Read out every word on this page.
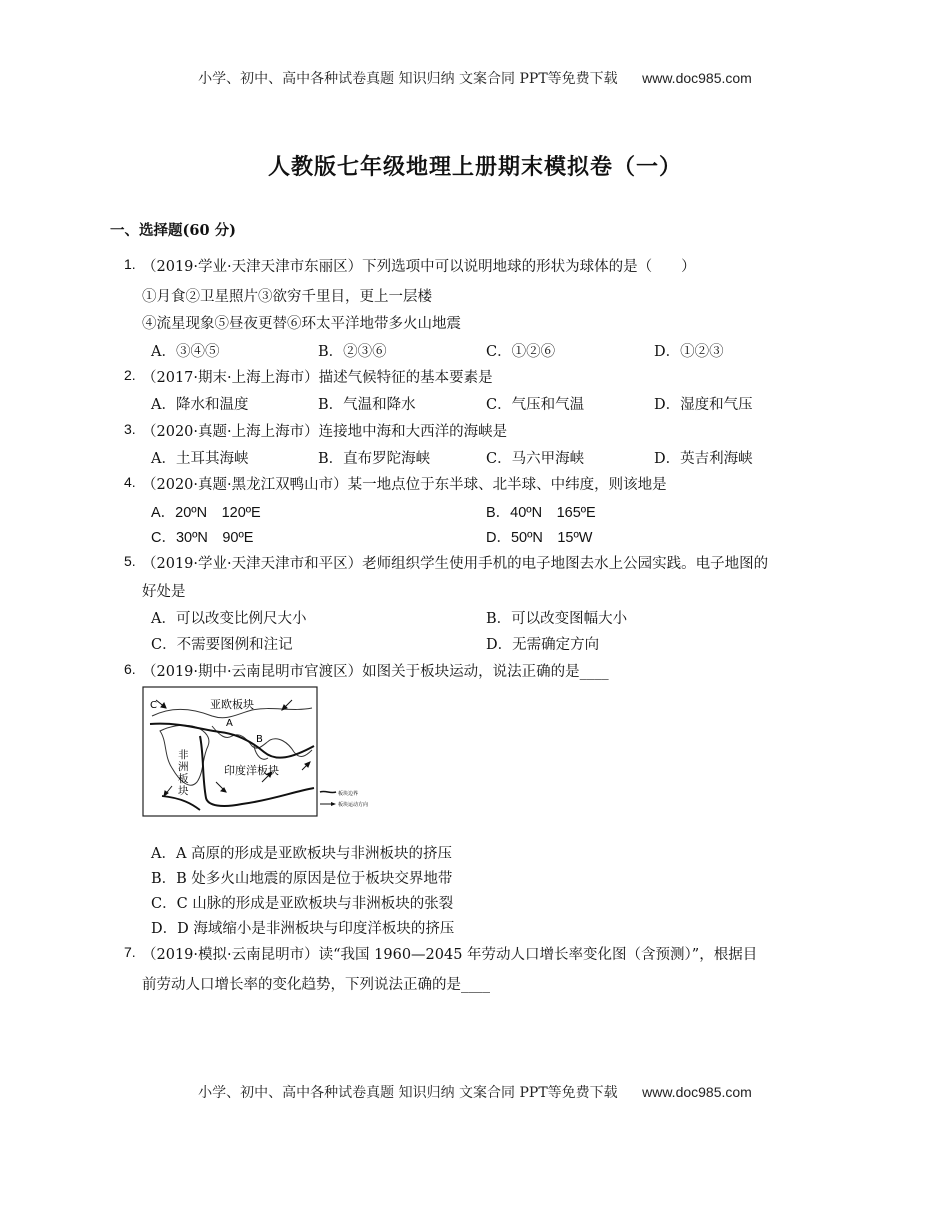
小学、初中、高中各种试卷真题 知识归纳 文案合同 PPT等免费下载 www.doc985.com
人教版七年级地理上册期末模拟卷（一）
一、选择题(60 分)
1. （2019·学业·天津天津市东丽区）下列选项中可以说明地球的形状为球体的是（　　）
①月食②卫星照片③欲穷千里目，更上一层楼
④流星现象⑤昼夜更替⑥环太平洋地带多火山地震
A．③④⑤	B．②③⑥	C．①②⑥	D．①②③
2. （2017·期末·上海上海市）描述气候特征的基本要素是
A．降水和温度	B．气温和降水	C．气压和气温	D．湿度和气压
3. （2020·真题·上海上海市）连接地中海和大西洋的海峡是
A．土耳其海峡	B．直布罗陀海峡	C．马六甲海峡	D．英吉利海峡
4. （2020·真题·黑龙江双鸭山市）某一地点位于东半球、北半球、中纬度，则该地是
A．20ºN　120ºE	B．40ºN　165ºE
C．30ºN　90ºE	D．50ºN　15ºW
5. （2019·学业·天津天津市和平区）老师组织学生使用手机的电子地图去水上公园实践。电子地图的
好处是
A．可以改变比例尺大小	B．可以改变图幅大小
C．不需要图例和注记	D．无需确定方向
6. （2019·期中·云南昆明市官渡区）如图关于板块运动，说法正确的是____
亚欧板块
C
A
B
非
洲
板
块
印度洋板块
板块边界
板块运动方向
A．A 高原的形成是亚欧板块与非洲板块的挤压
B．B 处多火山地震的原因是位于板块交界地带
C．C 山脉的形成是亚欧板块与非洲板块的张裂
D．D 海域缩小是非洲板块与印度洋板块的挤压
7. （2019·模拟·云南昆明市）读“我国 1960—2045 年劳动人口增长率变化图（含预测）”，根据目
前劳动人口增长率的变化趋势，下列说法正确的是____
小学、初中、高中各种试卷真题 知识归纳 文案合同 PPT等免费下载 www.doc985.com
